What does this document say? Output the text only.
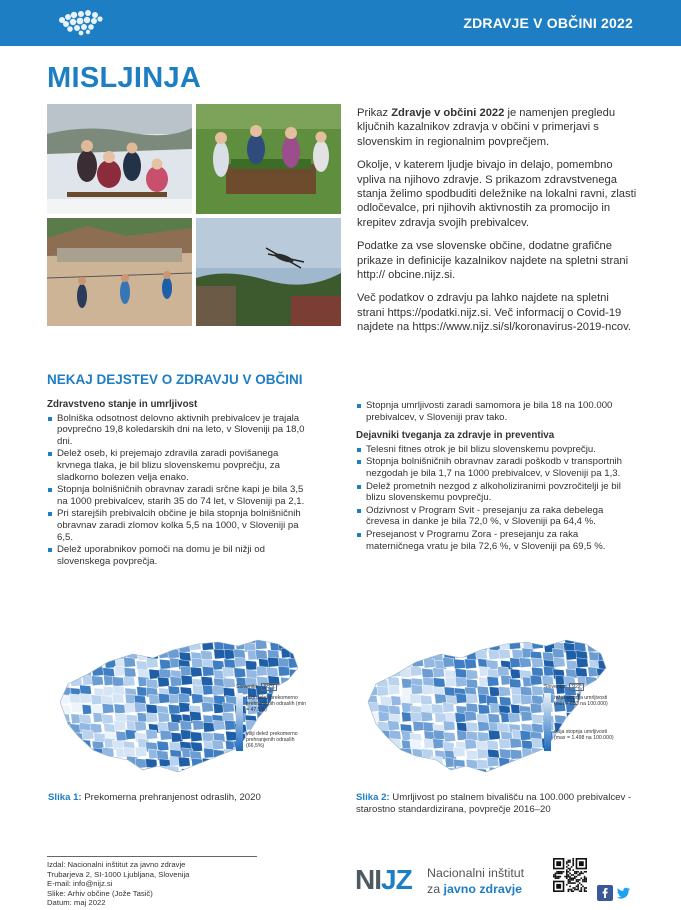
ZDRAVJE V OBČINI 2022
MISLJINJA

Prikaz Zdravje v občini 2022 je namenjen pregledu ključnih kazalnikov zdravja v občini v primerjavi s slovenskim in regionalnim povprečjem.

Okolje, v katerem ljudje bivajo in delajo, pomembno vpliva na njihovo zdravje. S prikazom zdravstvenega stanja želimo spodbuditi deležnike na lokalni ravni, zlasti odločevalce, pri njihovih aktivnostih za promocijo in krepitev zdravja svojih prebivalcev.

Podatke za vse slovenske občine, dodatne grafične prikaze in definicije kazalnikov najdete na spletni strani http:// obcine.nijz.si.

Več podatkov o zdravju pa lahko najdete na spletni strani https://podatki.nijz.si. Več informacij o Covid-19 najdete na https://www.nijz.si/sl/koronavirus-2019-ncov.

NEKAJ DEJSTEV O ZDRAVJU V OBČINI
Zdravstveno stanje in umrljivost
Bolniška odsotnost delovno aktivnih prebivalcev je trajala povprečno 19,8 koledarskih dni na leto, v Sloveniji pa 18,0 dni.
Delež oseb, ki prejemajo zdravila zaradi povišanega krvnega tlaka, je bil blizu slovenskemu povprečju, za sladkorno bolezen velja enako.
Stopnja bolnišničnih obravnav zaradi srčne kapi je bila 3,5 na 1000 prebivalcev, starih 35 do 74 let, v Sloveniji pa 2,1.
Pri starejših prebivalcih občine je bila stopnja bolnišničnih obravnav zaradi zlomov kolka 5,5 na 1000, v Sloveniji pa 6,5.
Delež uporabnikov pomoči na domu je bil nižji od slovenskega povprečja.
Stopnja umrljivosti zaradi samomora je bila 18 na 100.000 prebivalcev, v Sloveniji prav tako.
Dejavniki tveganja za zdravje in preventiva
Telesni fitnes otrok je bil blizu slovenskemu povprečju.
Stopnja bolnišničnih obravnav zaradi poškodb v transportnih nezgodah je bila 1,7 na 1000 prebivalcev, v Sloveniji pa 1,3.
Delež prometnih nezgod z alkoholiziranimi povzročitelji je bil blizu slovenskemu povprečju.
Odzivnost v Program Svit - presejanju za raka debelega črevesa in danke je bila 72,0 %, v Sloveniji pa 64,4 %.
Presejanost v Programu Zora - presejanju za raka materničnega vratu je bila 72,6 %, v Sloveniji pa 69,5 %.
Slovenija	55,9
nižji delež prekomerno prehranjenih odraslih (min = 47,5%)
višji delež prekomerno prehranjenih odraslih (66,5%)
Slovenija	922
nižja stopnja umrljivosti (min = 683 na 100.000)
višja stopnja umrljivosti (max = 1.498 na 100.000)
Slika 1: Prekomerna prehranjenost odraslih, 2020	Slika 2: Umrljivost po stalnem bivališču na 100.000 prebivalcev - starostno standardizirana, povprečje 2016–20
Izdal: Nacionalni inštitut za javno zdravje
Trubarjeva 2, SI-1000 Ljubljana, Slovenija
E-mail: info@nijz.si
Slike: Arhiv občine (Jože Tasič)
Datum: maj 2022
NIJZ Nacionalni inštitut
za javno zdravje
